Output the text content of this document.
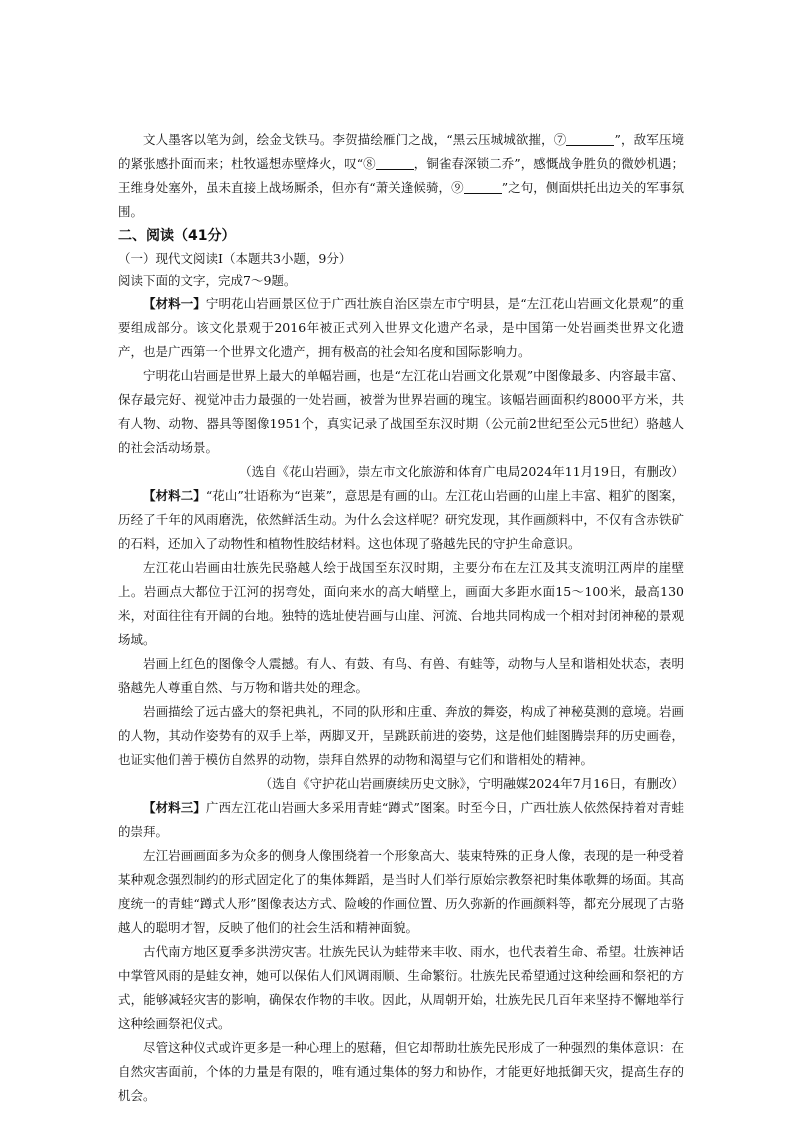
文人墨客以笔为剑，绘金戈铁马。李贺描绘雁门之战，“黑云压城城欲摧，⑦	”，敌军压境的紧张感扑面而来；杜牧遥想赤壁烽火，叹“⑧	，铜雀春深锁二乔”，感慨战争胜负的微妙机遇；王维身处塞外，虽未直接上战场厮杀，但亦有“萧关逢候骑，⑨	”之句，侧面烘托出边关的军事氛围。

二、阅读（41分）

（一）现代文阅读Ⅰ（本题共3小题，9分）

阅读下面的文字，完成7～9题。

【材料一】宁明花山岩画景区位于广西壮族自治区崇左市宁明县，是“左江花山岩画文化景观”的重要组成部分。该文化景观于2016年被正式列入世界文化遗产名录，是中国第一处岩画类世界文化遗产，也是广西第一个世界文化遗产，拥有极高的社会知名度和国际影响力。

宁明花山岩画是世界上最大的单幅岩画，也是“左江花山岩画文化景观”中图像最多、内容最丰富、保存最完好、视觉冲击力最强的一处岩画，被誉为世界岩画的瑰宝。该幅岩画面积约8000平方米，共有人物、动物、器具等图像1951个，真实记录了战国至东汉时期（公元前2世纪至公元5世纪）骆越人的社会活动场景。

（选自《花山岩画》，崇左市文化旅游和体育广电局2024年11月19日，有删改）

【材料二】“花山”壮语称为“岜莱”，意思是有画的山。左江花山岩画的山崖上丰富、粗犷的图案，历经了千年的风雨磨洗，依然鲜活生动。为什么会这样呢？研究发现，其作画颜料中，不仅有含赤铁矿的石料，还加入了动物性和植物性胶结材料。这也体现了骆越先民的守护生命意识。

左江花山岩画由壮族先民骆越人绘于战国至东汉时期，主要分布在左江及其支流明江两岸的崖壁上。岩画点大都位于江河的拐弯处，面向来水的高大峭壁上，画面大多距水面15～100米，最高130米，对面往往有开阔的台地。独特的选址使岩画与山崖、河流、台地共同构成一个相对封闭神秘的景观场域。

岩画上红色的图像令人震撼。有人、有鼓、有鸟、有兽、有蛙等，动物与人呈和谐相处状态，表明骆越先人尊重自然、与万物和谐共处的理念。

岩画描绘了远古盛大的祭祀典礼，不同的队形和庄重、奔放的舞姿，构成了神秘莫测的意境。岩画的人物，其动作姿势有的双手上举，两脚叉开，呈跳跃前进的姿势，这是他们蛙图腾崇拜的历史画卷，也证实他们善于模仿自然界的动物，崇拜自然界的动物和渴望与它们和谐相处的精神。

（选自《守护花山岩画赓续历史文脉》，宁明融媒2024年7月16日，有删改）

【材料三】广西左江花山岩画大多采用青蛙“蹲式”图案。时至今日，广西壮族人依然保持着对青蛙的崇拜。

左江岩画画面多为众多的侧身人像围绕着一个形象高大、装束特殊的正身人像，表现的是一种受着某种观念强烈制约的形式固定化了的集体舞蹈，是当时人们举行原始宗教祭祀时集体歌舞的场面。其高度统一的青蛙“蹲式人形”图像表达方式、险峻的作画位置、历久弥新的作画颜料等，都充分展现了古骆越人的聪明才智，反映了他们的社会生活和精神面貌。

古代南方地区夏季多洪涝灾害。壮族先民认为蛙带来丰收、雨水，也代表着生命、希望。壮族神话中掌管风雨的是蛙女神，她可以保佑人们风调雨顺、生命繁衍。壮族先民希望通过这种绘画和祭祀的方式，能够减轻灾害的影响，确保农作物的丰收。因此，从周朝开始，壮族先民几百年来坚持不懈地举行这种绘画祭祀仪式。

尽管这种仪式或许更多是一种心理上的慰藉，但它却帮助壮族先民形成了一种强烈的集体意识：在自然灾害面前，个体的力量是有限的，唯有通过集体的努力和协作，才能更好地抵御天灾，提高生存的机会。
